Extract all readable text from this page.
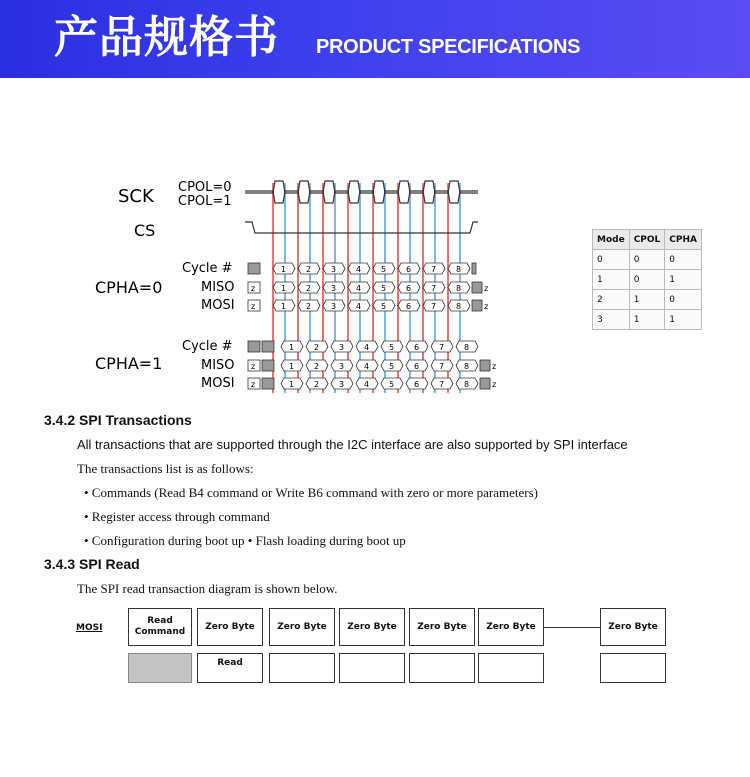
产品规格书 PRODUCT SPECIFICATIONS
1 2 3 4 5 6 7 8
z	1 2 3 4 5 6 7 8	z
z	1 2 3 4 5 6 7 8	z
1 2 3 4 5 6 7 8
z	1 2 3 4 5 6 7 8	z
z	1 2 3 4 5 6 7 8	z
SCK CPOL=0
CPOL=1
CS
Cycle #
CPHA=0	MISO
MOSI
Cycle #
CPHA=1	MISO
MOSI
Mode	CPOL	CPHA
0	0	0
1	0	1
2	1	0
3	1	1
3.4.2 SPI Transactions
All transactions that are supported through the I2C interface are also supported by SPI interface
The transactions list is as follows:
• Commands (Read B4 command or Write B6 command with zero or more parameters)
• Register access through command
• Configuration during boot up • Flash loading during boot up
3.4.3 SPI Read
The SPI read transaction diagram is shown below.
MOSI
Read Command
Zero Byte	Zero Byte	Zero Byte	Zero Byte	Zero Byte	Zero Byte
Read
